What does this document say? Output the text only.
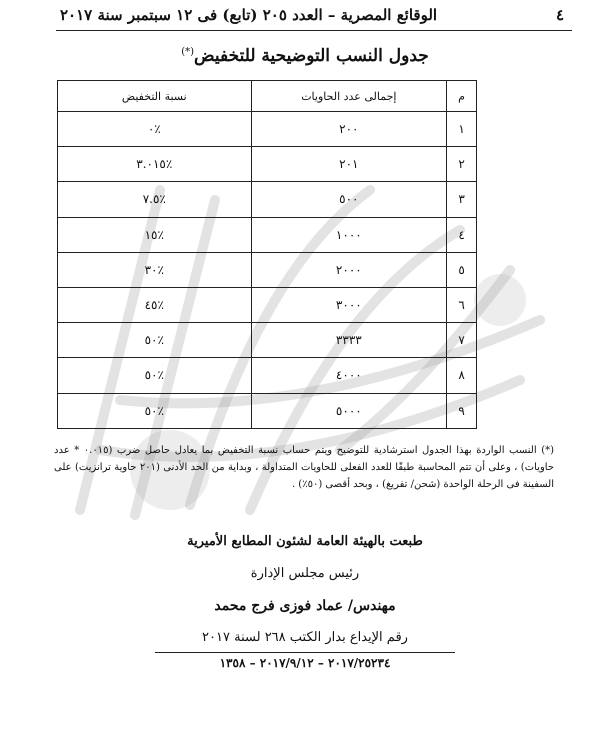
٤
الوقائع المصرية – العدد ٢٠٥ (تابع) فى ١٢ سبتمبر سنة ٢٠١٧
جدول النسب التوضيحية للتخفيض(*)
م	إجمالى عدد الحاويات	نسبة التخفيض
١	٢٠٠	٪٠
٢	٢٠١	٪٣.٠١٥
٣	٥٠٠	٪٧.٥
٤	١٠٠٠	٪١٥
٥	٢٠٠٠	٪٣٠
٦	٣٠٠٠	٪٤٥
٧	٣٣٣٣	٪٥٠
٨	٤٠٠٠	٪٥٠
٩	٥٠٠٠	٪٥٠
(*) النسب الواردة بهذا الجدول استرشادية للتوضيح ويتم حساب نسبة التخفيض بما يعادل حاصل ضرب (٠.٠١٥ * عدد حاويات) ، وعلى أن تتم المحاسبة طبقًا للعدد الفعلى للحاويات المتداولة ، وبداية من الحد الأدنى (٢٠١ حاوية ترانزيت) على السفينة فى الرحلة الواحدة (شحن/ تفريغ) ، وبحد أقصى (٥٠٪) .
طبعت بالهيئة العامة لشئون المطابع الأميرية
رئيس مجلس الإدارة
مهندس/ عماد فوزى فرج محمد
رقم الإيداع بدار الكتب ٢٦٨ لسنة ٢٠١٧
٢٠١٧/٢٥٢٣٤ – ٢٠١٧/٩/١٢ – ١٣٥٨
